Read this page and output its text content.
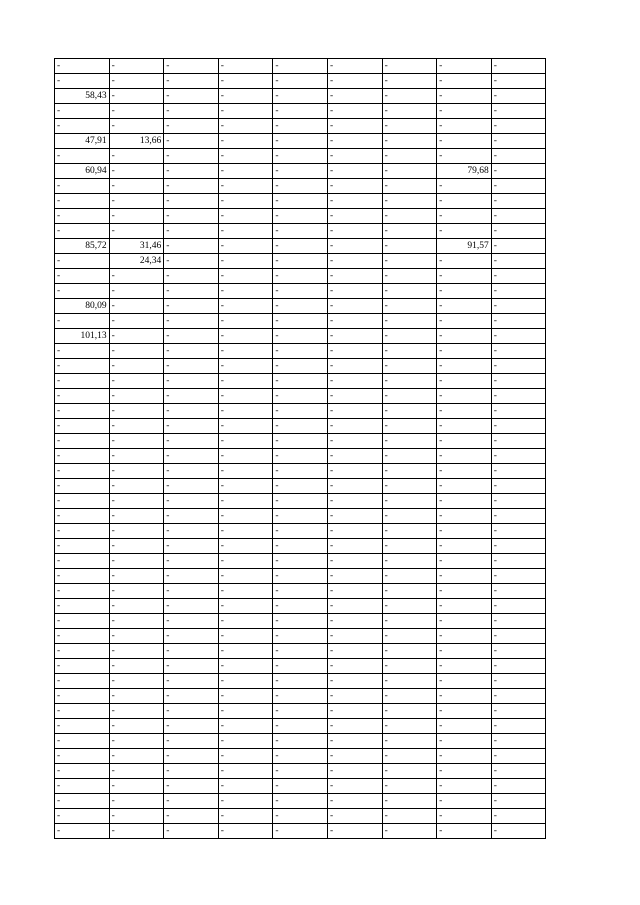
-	-	-	-	-	-	-	-	-
-	-	-	-	-	-	-	-	-
58,43	-	-	-	-	-	-	-	-
-	-	-	-	-	-	-	-	-
-	-	-	-	-	-	-	-	-
47,91	13,66	-	-	-	-	-	-	-
-	-	-	-	-	-	-	-	-
60,94	-	-	-	-	-	-	79,68	-
-	-	-	-	-	-	-	-	-
-	-	-	-	-	-	-	-	-
-	-	-	-	-	-	-	-	-
-	-	-	-	-	-	-	-	-
85,72	31,46	-	-	-	-	-	91,57	-
-	24,34	-	-	-	-	-	-	-
-	-	-	-	-	-	-	-	-
-	-	-	-	-	-	-	-	-
80,09	-	-	-	-	-	-	-	-
-	-	-	-	-	-	-	-	-
101,13	-	-	-	-	-	-	-	-
-	-	-	-	-	-	-	-	-
-	-	-	-	-	-	-	-	-
-	-	-	-	-	-	-	-	-
-	-	-	-	-	-	-	-	-
-	-	-	-	-	-	-	-	-
-	-	-	-	-	-	-	-	-
-	-	-	-	-	-	-	-	-
-	-	-	-	-	-	-	-	-
-	-	-	-	-	-	-	-	-
-	-	-	-	-	-	-	-	-
-	-	-	-	-	-	-	-	-
-	-	-	-	-	-	-	-	-
-	-	-	-	-	-	-	-	-
-	-	-	-	-	-	-	-	-
-	-	-	-	-	-	-	-	-
-	-	-	-	-	-	-	-	-
-	-	-	-	-	-	-	-	-
-	-	-	-	-	-	-	-	-
-	-	-	-	-	-	-	-	-
-	-	-	-	-	-	-	-	-
-	-	-	-	-	-	-	-	-
-	-	-	-	-	-	-	-	-
-	-	-	-	-	-	-	-	-
-	-	-	-	-	-	-	-	-
-	-	-	-	-	-	-	-	-
-	-	-	-	-	-	-	-	-
-	-	-	-	-	-	-	-	-
-	-	-	-	-	-	-	-	-
-	-	-	-	-	-	-	-	-
-	-	-	-	-	-	-	-	-
-	-	-	-	-	-	-	-	-
-	-	-	-	-	-	-	-	-
-	-	-	-	-	-	-	-	-
